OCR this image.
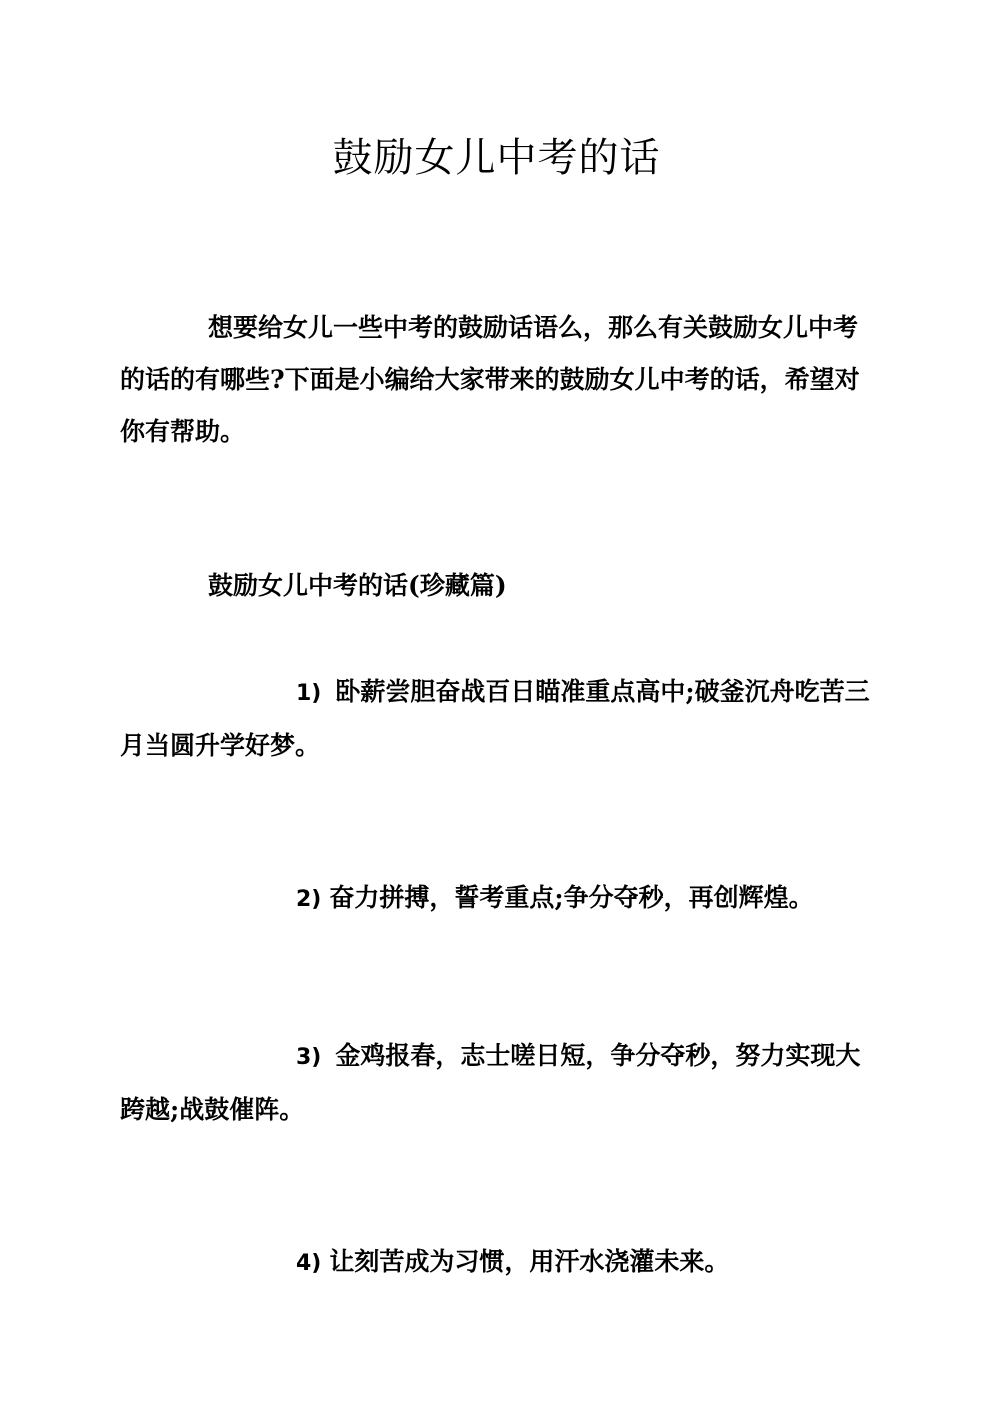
鼓励女儿中考的话
想要给女儿一些中考的鼓励话语么，那么有关鼓励女儿中考的话的有哪些?下面是小编给大家带来的鼓励女儿中考的话，希望对你有帮助。
鼓励女儿中考的话(珍藏篇)
1) 卧薪尝胆奋战百日瞄准重点高中;破釜沉舟吃苦三月当圆升学好梦。
2) 奋力拼搏，誓考重点;争分夺秒，再创辉煌。
3) 金鸡报春，志士嗟日短，争分夺秒，努力实现大跨越;战鼓催阵。
4) 让刻苦成为习惯，用汗水浇灌未来。
